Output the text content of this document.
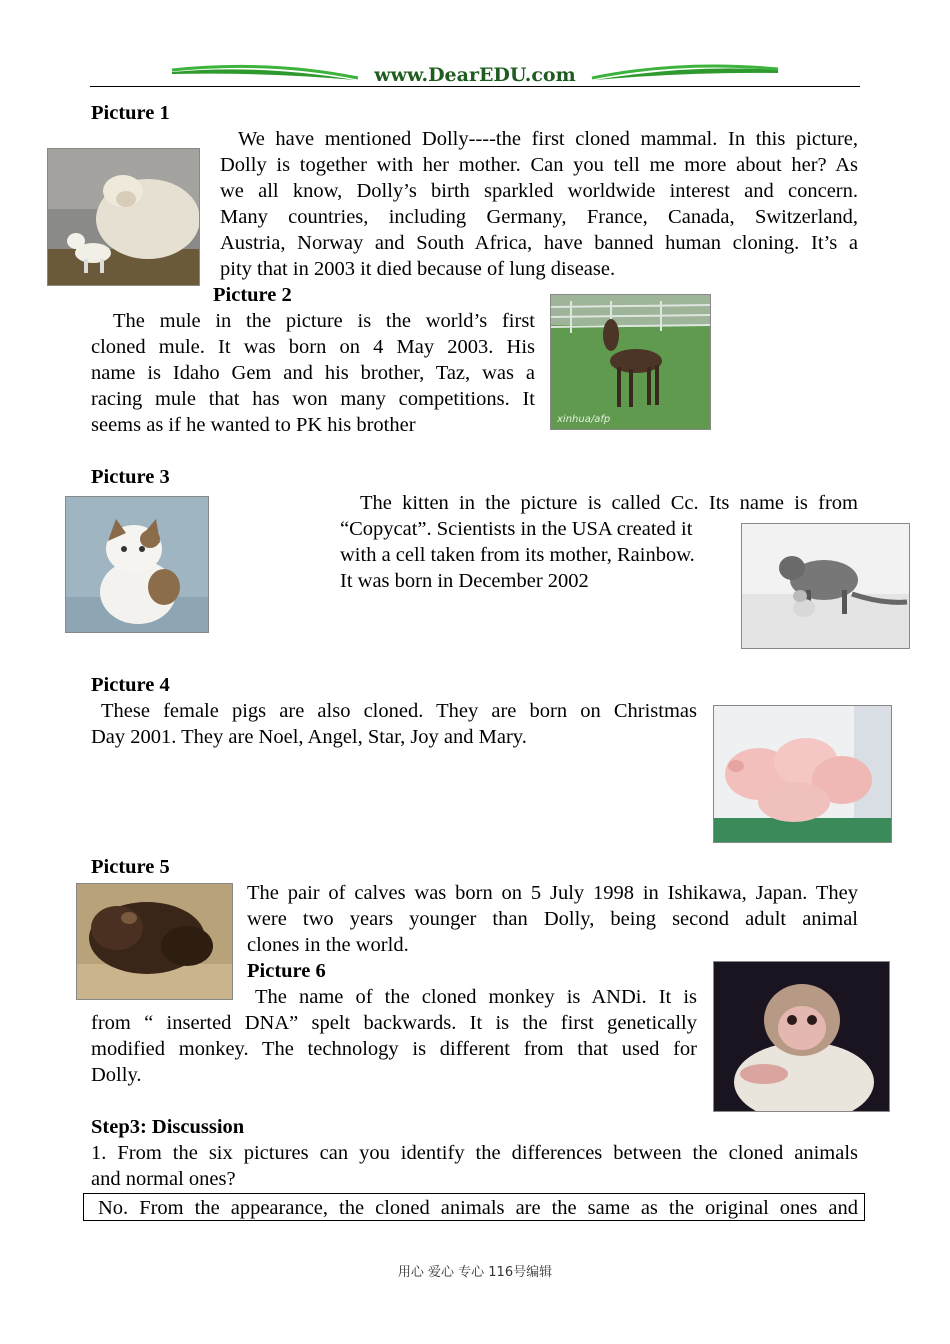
www.DearEDU.com
Picture 1
We have mentioned Dolly----the first cloned mammal. In this picture,
Dolly is together with her mother. Can you tell me more about her? As
we all know, Dolly’s birth sparkled worldwide interest and concern.
Many countries, including Germany, France, Canada, Switzerland,
Austria, Norway and South Africa, have banned human cloning. It’s a
pity that in 2003 it died because of lung disease.
Picture 2
The mule in the picture is the world’s first
cloned mule. It was born on 4 May 2003. His
name is Idaho Gem and his brother, Taz, was a
racing mule that has won many competitions. It
seems as if he wanted to PK his brother	xinhua/afp
Picture 3
The kitten in the picture is called Cc. Its name is from
“Copycat”. Scientists in the USA created it
with a cell taken from its mother, Rainbow.
It was born in December 2002
Picture 4
These female pigs are also cloned. They are born on Christmas
Day 2001. They are Noel, Angel, Star, Joy and Mary.
Picture 5
The pair of calves was born on 5 July 1998 in Ishikawa, Japan. They
were two years younger than Dolly, being second adult animal
clones in the world.
Picture 6
The name of the cloned monkey is ANDi. It is
from “ inserted DNA” spelt backwards. It is the first genetically
modified monkey. The technology is different from that used for
Dolly.
Step3: Discussion
1. From the six pictures can you identify the differences between the cloned animals
and normal ones?
No. From the appearance, the cloned animals are the same as the original ones and
用心 爱心 专心 116号编辑
